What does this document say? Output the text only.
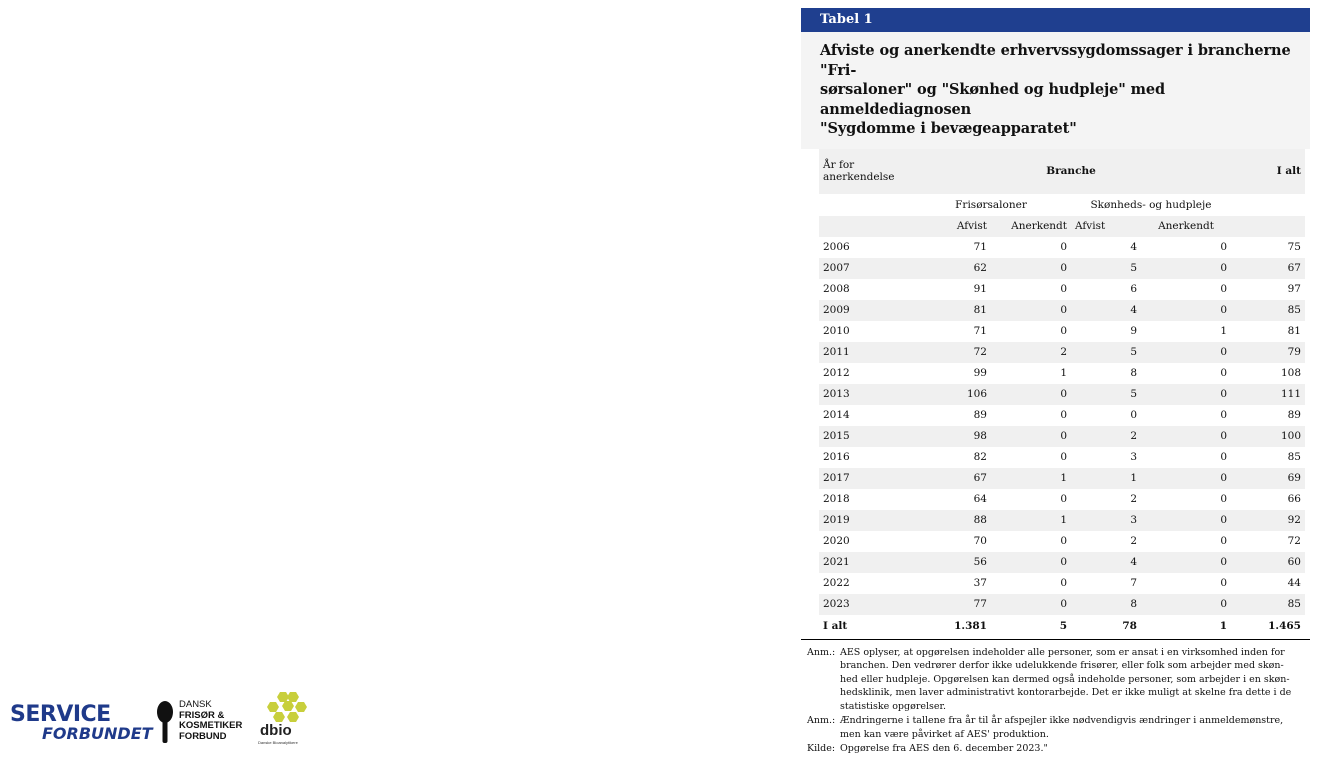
Tabel 1
Afviste og anerkendte erhvervssygdomssager i brancherne "Fri-
sørsaloner" og "Skønhed og hudpleje" med anmeldediagnosen
"Sygdomme i bevægeapparatet"
År for anerkendelse	Branche				I alt
	Frisørsaloner		Skønheds- og hudpleje		
	Afvist	Anerkendt	Afvist	Anerkendt	
2006	71	0	4	0	75
2007	62	0	5	0	67
2008	91	0	6	0	97
2009	81	0	4	0	85
2010	71	0	9	1	81
2011	72	2	5	0	79
2012	99	1	8	0	108
2013	106	0	5	0	111
2014	89	0	0	0	89
2015	98	0	2	0	100
2016	82	0	3	0	85
2017	67	1	1	0	69
2018	64	0	2	0	66
2019	88	1	3	0	92
2020	70	0	2	0	72
2021	56	0	4	0	60
2022	37	0	7	0	44
2023	77	0	8	0	85
I alt	1.381	5	78	1	1.465
Anm.: AES oplyser, at opgørelsen indeholder alle personer, som er ansat i en virksomhed inden for
branchen. Den vedrører derfor ikke udelukkende frisører, eller folk som arbejder med skøn-
hed eller hudpleje. Opgørelsen kan dermed også indeholde personer, som arbejder i en skøn-
hedsklinik, men laver administrativt kontorarbejde. Det er ikke muligt at skelne fra dette i de
statistiske opgørelser.
Anm.: Ændringerne i tallene fra år til år afspejler ikke nødvendigvis ændringer i anmeldemønstre,
men kan være påvirket af AES' produktion.
Kilde: Opgørelse fra AES den 6. december 2023."
SERVICE
FORBUNDET
DANSK
FRISØR &
KOSMETIKER
FORBUND	dbio
Danske Bioanalytikere
